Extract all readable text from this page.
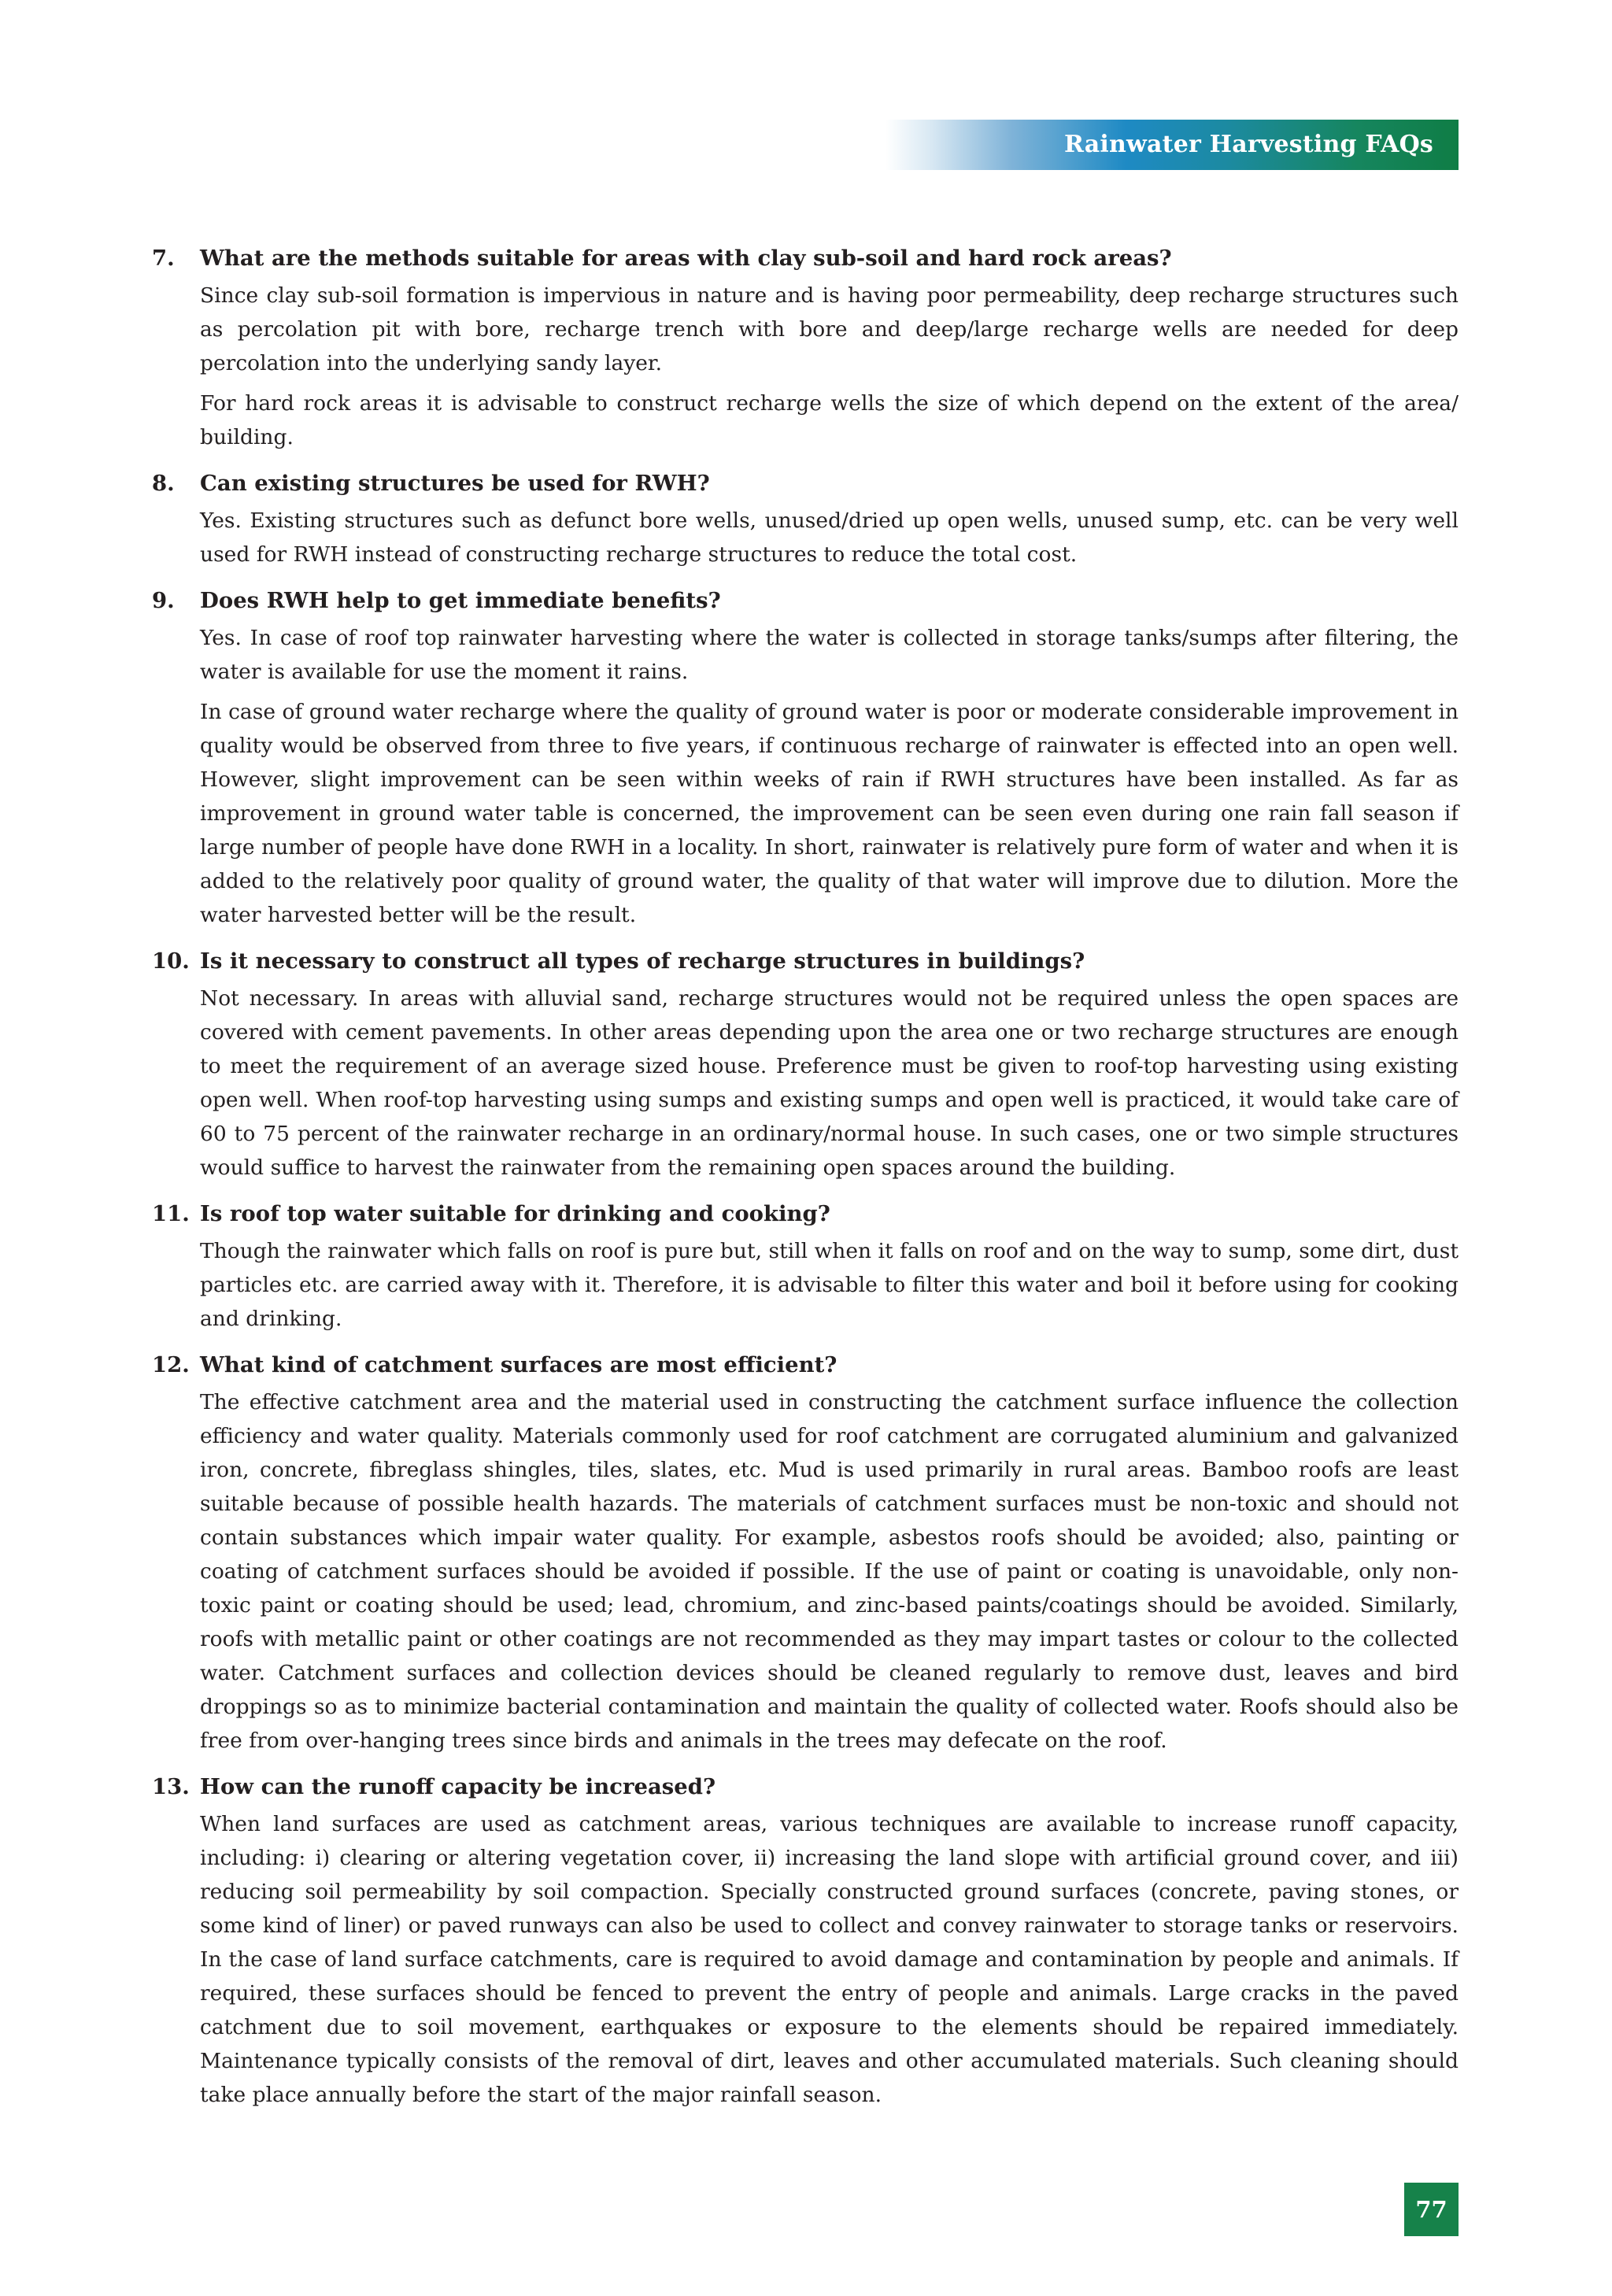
Rainwater Harvesting FAQs
7. What are the methods suitable for areas with clay sub-soil and hard rock areas?

Since clay sub-soil formation is impervious in nature and is having poor permeability, deep recharge structures such as percolation pit with bore, recharge trench with bore and deep/large recharge wells are needed for deep percolation into the underlying sandy layer.

For hard rock areas it is advisable to construct recharge wells the size of which depend on the extent of the area/ building.

8. Can existing structures be used for RWH?

Yes. Existing structures such as defunct bore wells, unused/dried up open wells, unused sump, etc. can be very well used for RWH instead of constructing recharge structures to reduce the total cost.

9. Does RWH help to get immediate benefits?

Yes. In case of roof top rainwater harvesting where the water is collected in storage tanks/sumps after filtering, the water is available for use the moment it rains.

In case of ground water recharge where the quality of ground water is poor or moderate considerable improvement in quality would be observed from three to five years, if continuous recharge of rainwater is effected into an open well. However, slight improvement can be seen within weeks of rain if RWH structures have been installed. As far as improvement in ground water table is concerned, the improvement can be seen even during one rain fall season if large number of people have done RWH in a locality. In short, rainwater is relatively pure form of water and when it is added to the relatively poor quality of ground water, the quality of that water will improve due to dilution. More the water harvested better will be the result.

10. Is it necessary to construct all types of recharge structures in buildings?

Not necessary. In areas with alluvial sand, recharge structures would not be required unless the open spaces are covered with cement pavements. In other areas depending upon the area one or two recharge structures are enough to meet the requirement of an average sized house. Preference must be given to roof-top harvesting using existing open well. When roof-top harvesting using sumps and existing sumps and open well is practiced, it would take care of 60 to 75 percent of the rainwater recharge in an ordinary/normal house. In such cases, one or two simple structures would suffice to harvest the rainwater from the remaining open spaces around the building.

11. Is roof top water suitable for drinking and cooking?

Though the rainwater which falls on roof is pure but, still when it falls on roof and on the way to sump, some dirt, dust particles etc. are carried away with it. Therefore, it is advisable to filter this water and boil it before using for cooking and drinking.

12. What kind of catchment surfaces are most efficient?

The effective catchment area and the material used in constructing the catchment surface influence the collection efficiency and water quality. Materials commonly used for roof catchment are corrugated aluminium and galvanized iron, concrete, fibreglass shingles, tiles, slates, etc. Mud is used primarily in rural areas. Bamboo roofs are least suitable because of possible health hazards. The materials of catchment surfaces must be non-toxic and should not contain substances which impair water quality. For example, asbestos roofs should be avoided; also, painting or coating of catchment surfaces should be avoided if possible. If the use of paint or coating is unavoidable, only non-toxic paint or coating should be used; lead, chromium, and zinc-based paints/coatings should be avoided. Similarly, roofs with metallic paint or other coatings are not recommended as they may impart tastes or colour to the collected water. Catchment surfaces and collection devices should be cleaned regularly to remove dust, leaves and bird droppings so as to minimize bacterial contamination and maintain the quality of collected water. Roofs should also be free from over-hanging trees since birds and animals in the trees may defecate on the roof.

13. How can the runoff capacity be increased?

When land surfaces are used as catchment areas, various techniques are available to increase runoff capacity, including: i) clearing or altering vegetation cover, ii) increasing the land slope with artificial ground cover, and iii) reducing soil permeability by soil compaction. Specially constructed ground surfaces (concrete, paving stones, or some kind of liner) or paved runways can also be used to collect and convey rainwater to storage tanks or reservoirs. In the case of land surface catchments, care is required to avoid damage and contamination by people and animals. If required, these surfaces should be fenced to prevent the entry of people and animals. Large cracks in the paved catchment due to soil movement, earthquakes or exposure to the elements should be repaired immediately. Maintenance typically consists of the removal of dirt, leaves and other accumulated materials. Such cleaning should take place annually before the start of the major rainfall season.

77
